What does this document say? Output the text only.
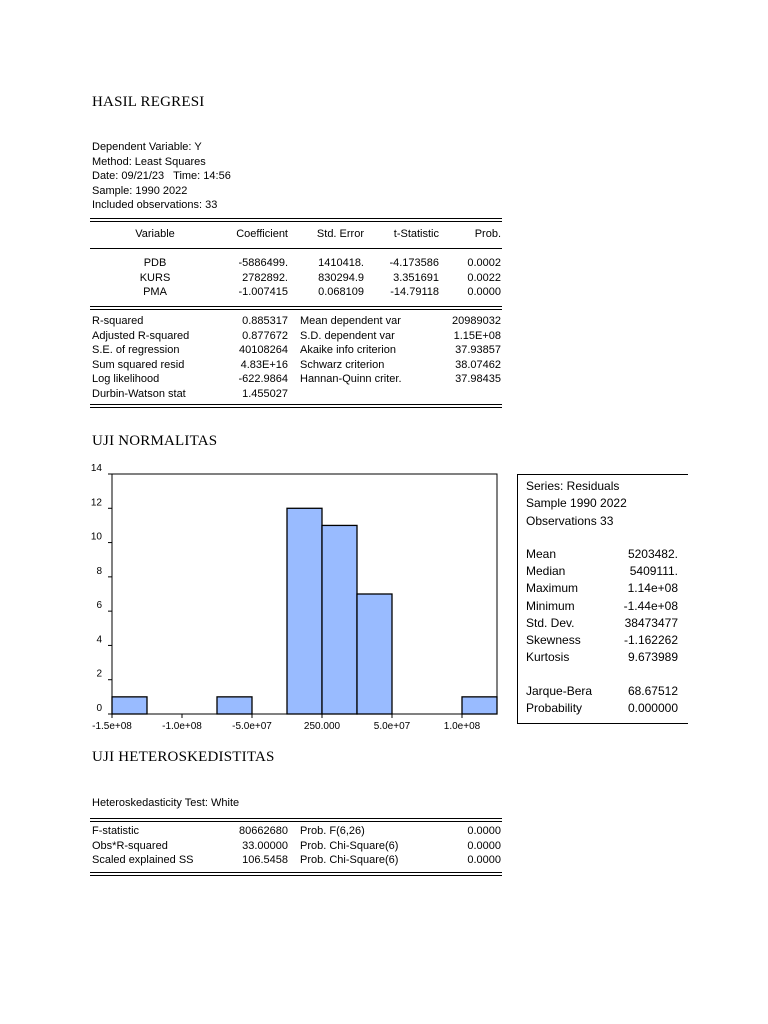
HASIL REGRESI
Dependent Variable: Y
Method: Least Squares
Date: 09/21/23   Time: 14:56
Sample: 1990 2022
Included observations: 33
Variable	Coefficient	Std. Error	t-Statistic	Prob.
PDB	-5886499.	1410418.	-4.173586	0.0002
KURS	2782892.	830294.9	3.351691	0.0022
PMA	-1.007415	0.068109	-14.79118	0.0000
R-squared	0.885317 Mean dependent var	20989032
Adjusted R-squared	0.877672 S.D. dependent var	1.15E+08
S.E. of regression	40108264 Akaike info criterion	37.93857
Sum squared resid	4.83E+16 Schwarz criterion	38.07462
Log likelihood	-622.9864 Hannan-Quinn criter.	37.98435
Durbin-Watson stat	1.455027
UJI NORMALITAS
0
2
4
6
8
10
12
14
-1.5e+08	-1.0e+08	-5.0e+07	250.000	5.0e+07	1.0e+08
Series: Residuals
Sample 1990 2022
Observations 33
Mean	5203482.
Median	5409111.
Maximum	1.14e+08
Minimum	-1.44e+08
Std. Dev.	38473477
Skewness	-1.162262
Kurtosis	9.673989
Jarque-Bera	68.67512
Probability	0.000000
UJI HETEROSKEDISTITAS
Heteroskedasticity Test: White
F-statistic	80662680 Prob. F(6,26)	0.0000
Obs*R-squared	33.00000 Prob. Chi-Square(6)	0.0000
Scaled explained SS	106.5458 Prob. Chi-Square(6)	0.0000
